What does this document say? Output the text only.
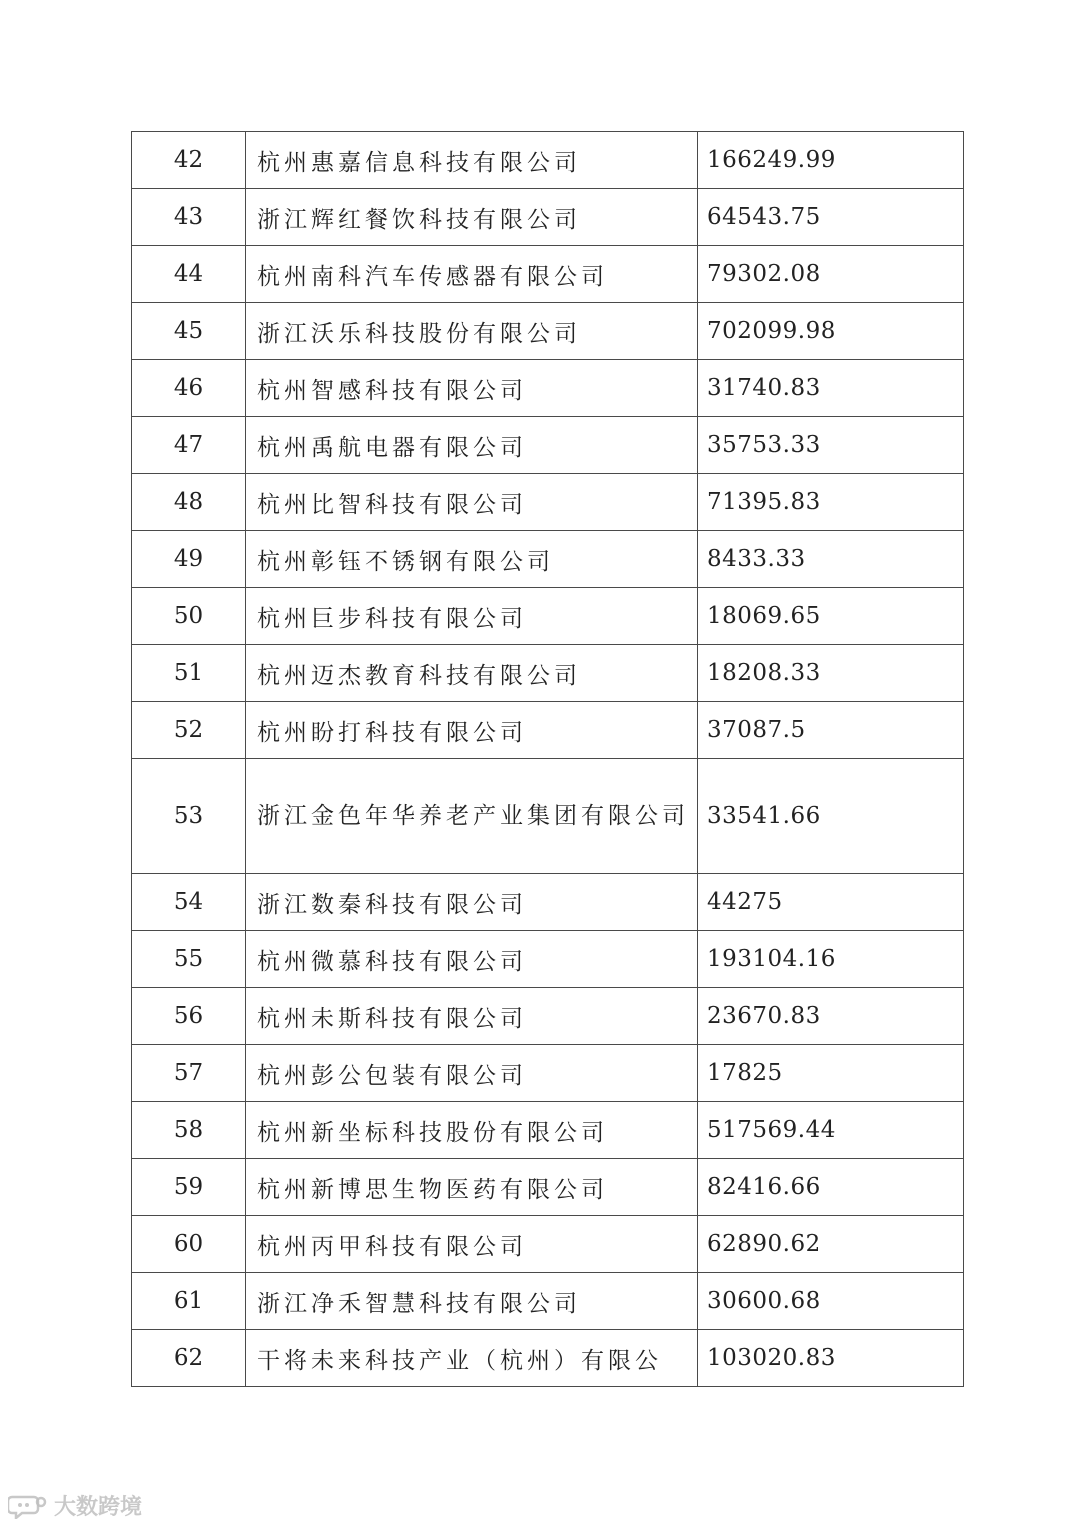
42	杭州惠嘉信息科技有限公司	166249.99
43	浙江辉红餐饮科技有限公司	64543.75
44	杭州南科汽车传感器有限公司	79302.08
45	浙江沃乐科技股份有限公司	702099.98
46	杭州智感科技有限公司	31740.83
47	杭州禹航电器有限公司	35753.33
48	杭州比智科技有限公司	71395.83
49	杭州彰钰不锈钢有限公司	8433.33
50	杭州巨步科技有限公司	18069.65
51	杭州迈杰教育科技有限公司	18208.33
52	杭州盼打科技有限公司	37087.5
53	浙江金色年华养老产业集团有限公司	33541.66
54	浙江数秦科技有限公司	44275
55	杭州微慕科技有限公司	193104.16
56	杭州未斯科技有限公司	23670.83
57	杭州彭公包装有限公司	17825
58	杭州新坐标科技股份有限公司	517569.44
59	杭州新博思生物医药有限公司	82416.66
60	杭州丙甲科技有限公司	62890.62
61	浙江净禾智慧科技有限公司	30600.68
62	干将未来科技产业（杭州）有限公	103020.83
大数跨境
